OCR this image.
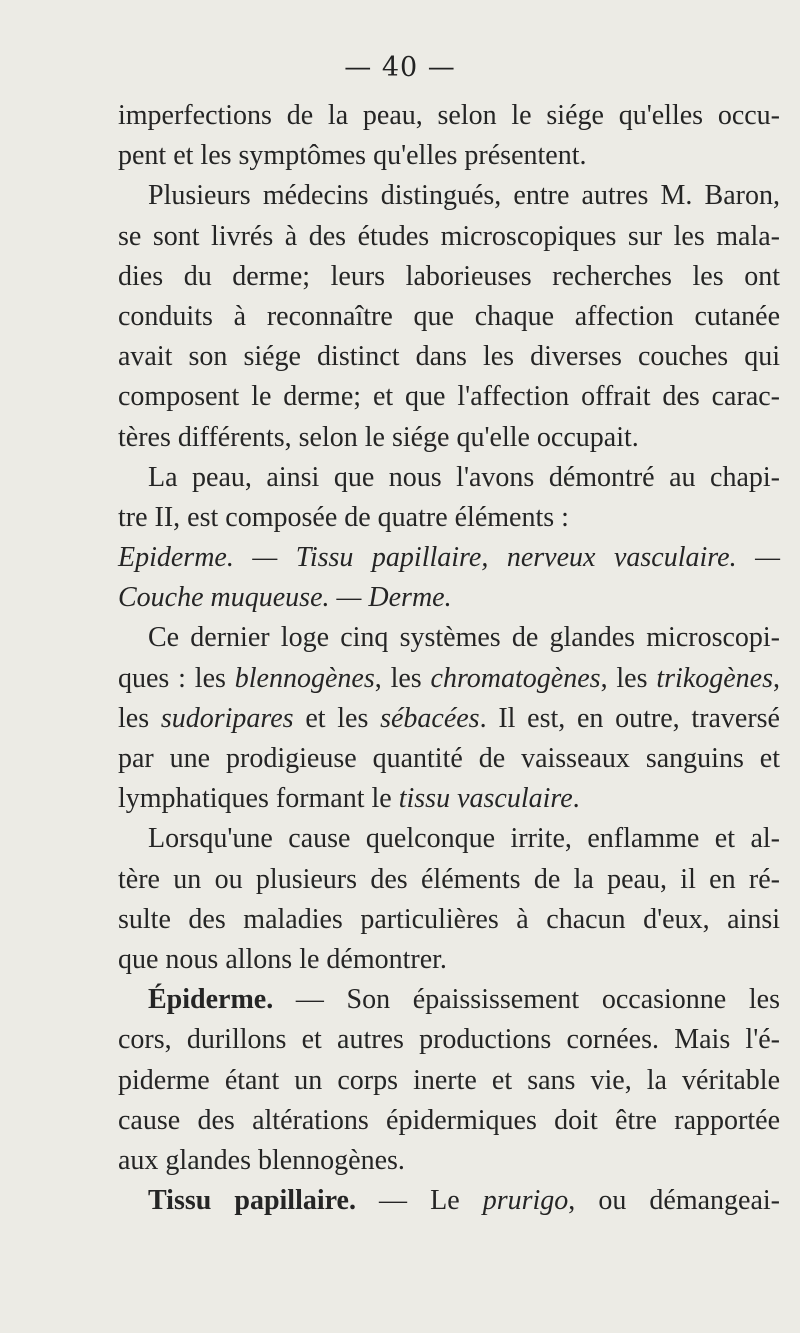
— 40 —
imperfections de la peau, selon le siége qu'elles occu-
pent et les symptômes qu'elles présentent.
Plusieurs médecins distingués, entre autres M. Baron,
se sont livrés à des études microscopiques sur les mala-
dies du derme; leurs laborieuses recherches les ont
conduits à reconnaître que chaque affection cutanée
avait son siége distinct dans les diverses couches qui
composent le derme; et que l'affection offrait des carac-
tères différents, selon le siége qu'elle occupait.
La peau, ainsi que nous l'avons démontré au chapi-
tre II, est composée de quatre éléments :
Epiderme. — Tissu papillaire, nerveux vasculaire. —
Couche muqueuse. — Derme.
Ce dernier loge cinq systèmes de glandes microscopi-
ques : les blennogènes, les chromatogènes, les trikogènes,
les sudoripares et les sébacées. Il est, en outre, traversé
par une prodigieuse quantité de vaisseaux sanguins et
lymphatiques formant le tissu vasculaire.
Lorsqu'une cause quelconque irrite, enflamme et al-
tère un ou plusieurs des éléments de la peau, il en ré-
sulte des maladies particulières à chacun d'eux, ainsi
que nous allons le démontrer.
Épiderme. — Son épaississement occasionne les
cors, durillons et autres productions cornées. Mais l'é-
piderme étant un corps inerte et sans vie, la véritable
cause des altérations épidermiques doit être rapportée
aux glandes blennogènes.
Tissu papillaire. — Le prurigo, ou démangeai-
